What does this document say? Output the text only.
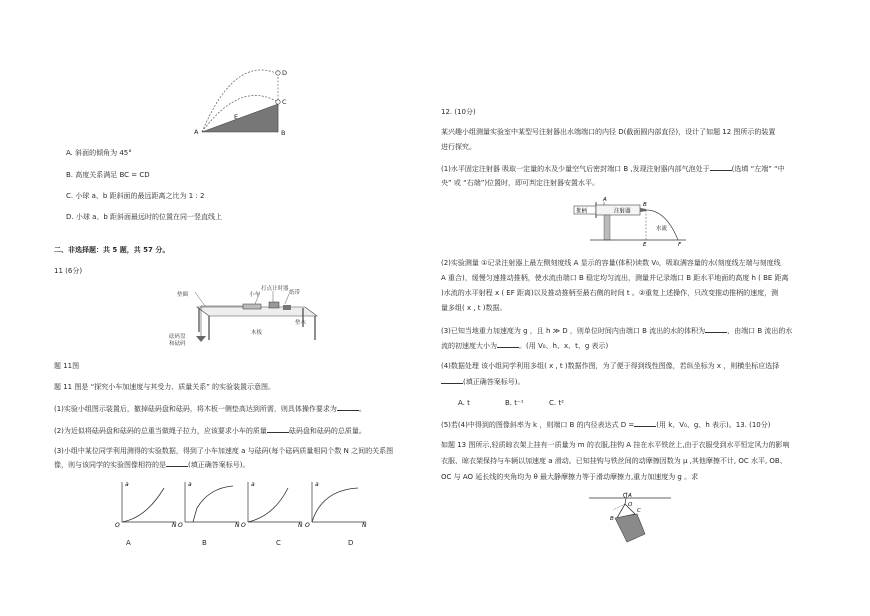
A	B
C
D
E
A. 斜面的倾角为 45°
B. 高度关系满足 BC = CD
C. 小球 a、b 距斜面的最远距离之比为 1 : 2
D. 小球 a、b 距斜面最远时的位置在同一竖直线上
二、非选择题：共 5 题，共 57 分。
11 (6分)
垫圈
打点计时器
小车	纸带
垫木
砝码盘
和砝码
木板
题 11图
题 11 图是 “探究小车加速度与其受力、质量关系” 的实验装置示意图。
(1)实验小组图示装置后，撤掉砝码盘和砝码，将木板一侧垫高达到所需，则具体操作要求为	。
(2)为近似将砝码盘和砝码的总重当做绳子拉力，应该要求小车的质量	砝码盘和砝码的总质量。
(3)小组中某位同学利用测得的实验数据，得到了小车加速度 a 与砝码(每个砝码质量相同个数 N 之间的关系图
像，则与该同学的实验图像相符的是	(填正确答案标号)。
a
N
O
a
N
O
a
N
O
a
N
O
A	B	C	D
12. (10分)
某兴趣小组测量实验室中某型号注射器出水端端口的内径 D(截面圆内部直径)，设计了如题 12 图所示的装置
进行探究。
(1)水平固定注射器 吸取一定量的水及少量空气后密封端口 B ,发现注射器内部气泡处于	(选填 “左端” “中
央” 或 “右端”)位置时，即可判定注射器安置水平。
推柄	注射器
水流
A
B
E	F
(2)实验测量 ①记录注射器上最左侧刻度线 A 显示的容量(体积)读数 V₀，吸取满容量的水(刻度线左端与刻度线
A 重合)，缓慢匀速推动推柄，使水流由端口 B 稳定均匀流出，测量并记录端口 B 距水平地面的高度 h ( BE 距离
)水流的水平射程 x ( EF 距离)以及推动推柄至最右侧的时间 t 。②重复上述操作，只改变推动推柄的速度，测
量多组( x , t )数据。
(3)已知当地重力加速度为 g ，且 h ≫ D ，则单位时间内由端口 B 流出的水的体积为	，由端口 B 流出的水
流的初速度大小为	。(用 V₀、h、x、t、g 表示)
(4)数据处理 该小组同学利用多组( x , t )数据作图，为了便于得到线性图像，若纵坐标为 x ，则横坐标应选择
(填正确答案标号)。
A. t	B. t⁻¹	C. t²
(5)若(4)中得到的图像斜率为 k ，则端口 B 的内径表达式 D =	(用 k、V₀、g、h 表示)。13. (10分)
如题 13 图所示,轻质晾衣架上挂有一质量为 m 的衣服,挂钩 A 挂在水平铁丝上,由于衣服受到水平恒定风力的影响
衣服、晾衣架保持与车辆以加速度 a 滑动。已知挂钩与铁丝间的动摩擦因数为 μ ,其他摩擦不计, OC 水平, OB、
OC 与 AO 延长线的夹角均为 θ 最大静摩擦力等于滑动摩擦力,重力加速度为 g 。求
A
O
B
C
